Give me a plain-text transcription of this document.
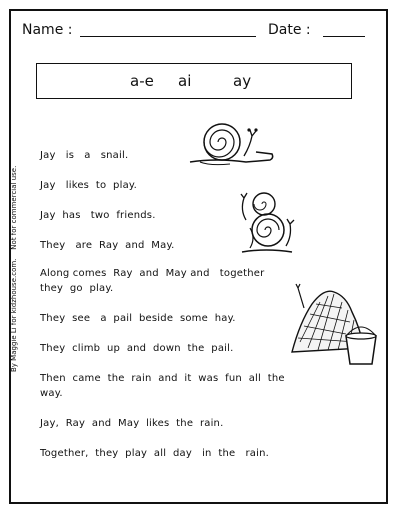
Name :	Date :
a-e ai	ay
By Maggie Li for kidzhouse.com.    Not for commercial use.
Jay   is   a   snail.
Jay   likes  to  play.
Jay  has   two  friends.
They   are  Ray  and  May.
Along comes  Ray  and  May and   together
they  go  play.
They  see   a  pail  beside  some  hay.
They  climb  up  and  down  the  pail.
Then  came  the  rain  and  it  was  fun  all  the
way.
Jay,  Ray  and  May  likes  the  rain.
Together,  they  play  all  day   in  the   rain.
